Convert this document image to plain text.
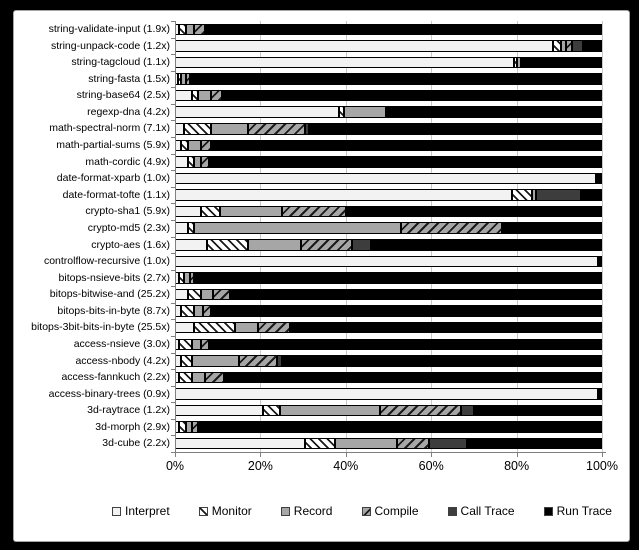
string-validate-input (1.9x)
string-unpack-code (1.2x)
string-tagcloud (1.1x)
string-fasta (1.5x)
string-base64 (2.5x)
regexp-dna (4.2x)
math-spectral-norm (7.1x)
math-partial-sums (5.9x)
math-cordic (4.9x)
date-format-xparb (1.0x)
date-format-tofte (1.1x)
crypto-sha1 (5.9x)
crypto-md5 (2.3x)
crypto-aes (1.6x)
controlflow-recursive (1.0x)
bitops-nsieve-bits (2.7x)
bitops-bitwise-and (25.2x)
bitops-bits-in-byte (8.7x)
bitops-3bit-bits-in-byte (25.5x)
access-nsieve (3.0x)
access-nbody (4.2x)
access-fannkuch (2.2x)
access-binary-trees (0.9x)
3d-raytrace (1.2x)
3d-morph (2.9x)
3d-cube (2.2x)
0%	20%	40%	60%	80%	100%
Interpret	Monitor	Record	Compile	Call Trace	Run Trace
